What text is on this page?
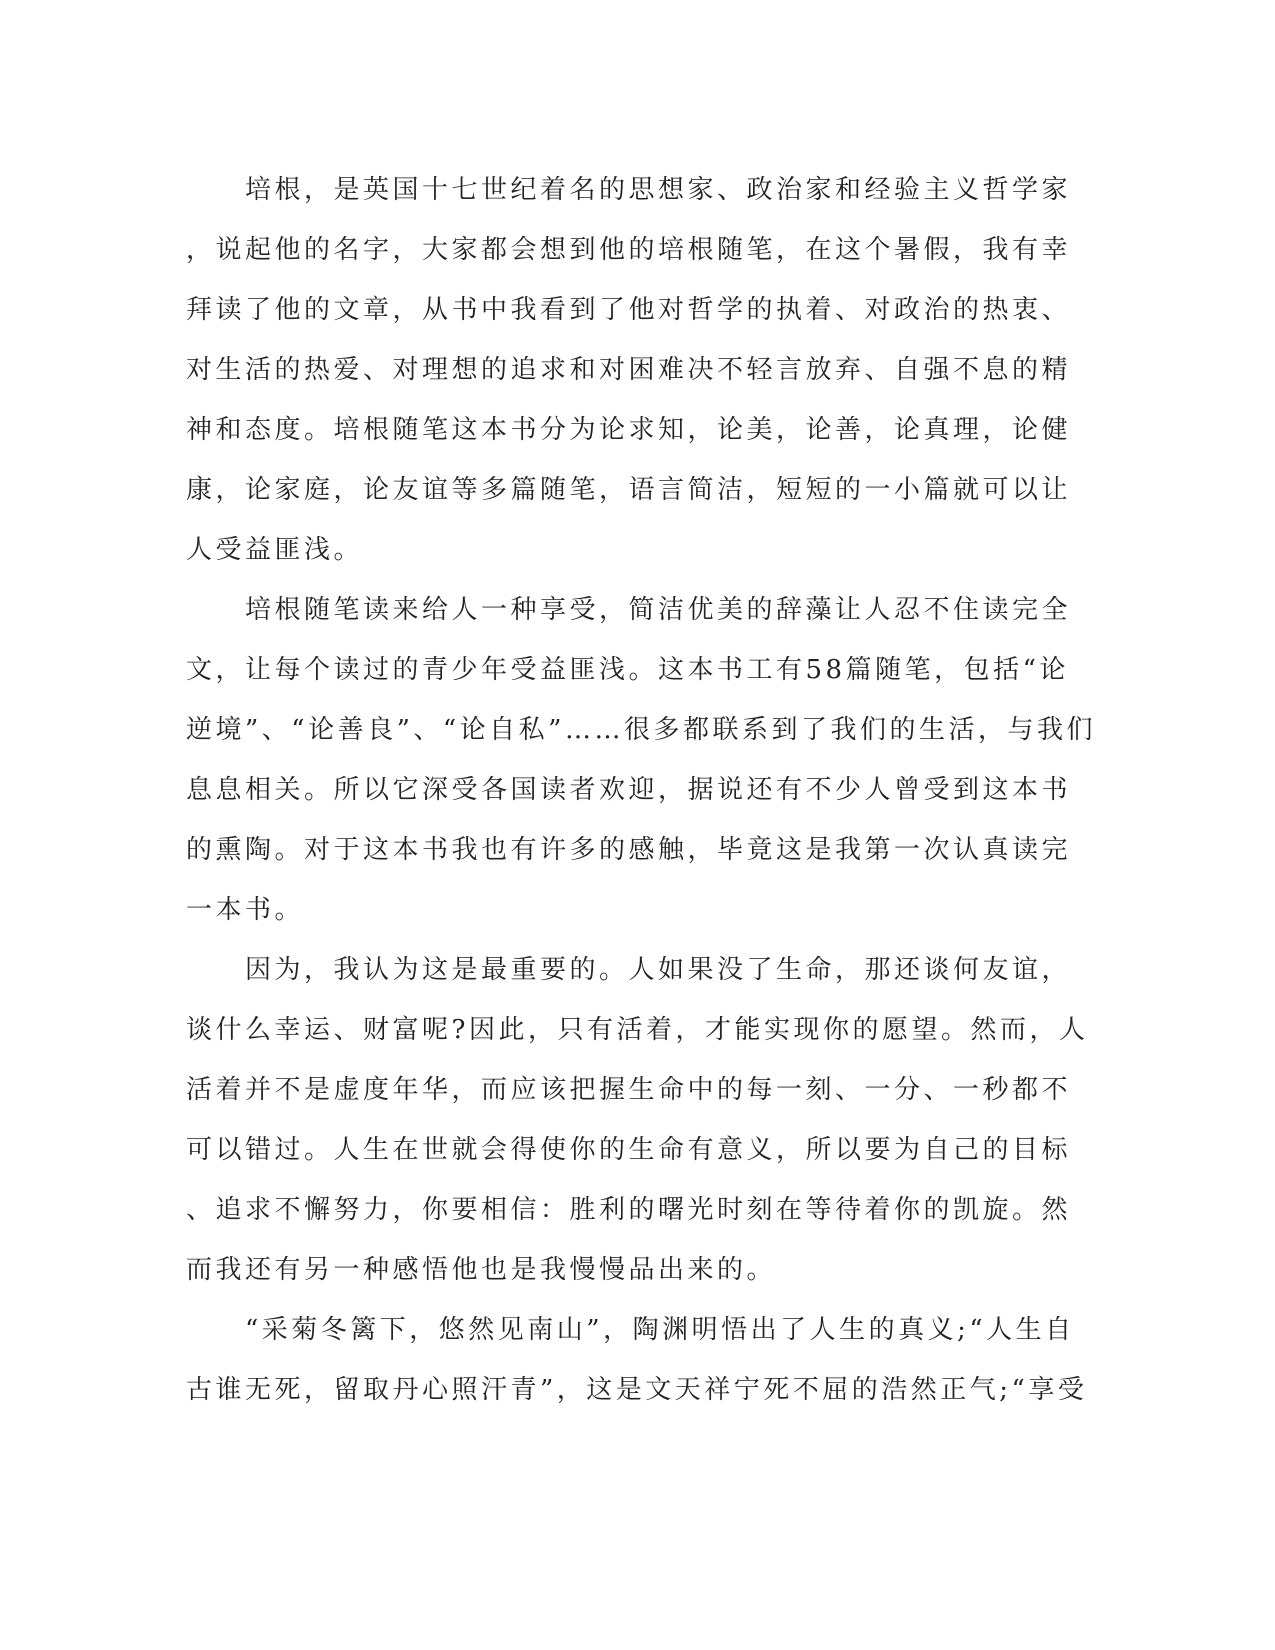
　　培根，是英国十七世纪着名的思想家、政治家和经验主义哲学家
，说起他的名字，大家都会想到他的培根随笔，在这个暑假，我有幸
拜读了他的文章，从书中我看到了他对哲学的执着、对政治的热衷、
对生活的热爱、对理想的追求和对困难决不轻言放弃、自强不息的精
神和态度。培根随笔这本书分为论求知，论美，论善，论真理，论健
康，论家庭，论友谊等多篇随笔，语言简洁，短短的一小篇就可以让
人受益匪浅。

　　培根随笔读来给人一种享受，简洁优美的辞藻让人忍不住读完全
文，让每个读过的青少年受益匪浅。这本书工有58篇随笔，包括“论
逆境”、“论善良”、“论自私”……很多都联系到了我们的生活，与我们
息息相关。所以它深受各国读者欢迎，据说还有不少人曾受到这本书
的熏陶。对于这本书我也有许多的感触，毕竟这是我第一次认真读完
一本书。

　　因为，我认为这是最重要的。人如果没了生命，那还谈何友谊，
谈什么幸运、财富呢?因此，只有活着，才能实现你的愿望。然而，人
活着并不是虚度年华，而应该把握生命中的每一刻、一分、一秒都不
可以错过。人生在世就会得使你的生命有意义，所以要为自己的目标
、追求不懈努力，你要相信：胜利的曙光时刻在等待着你的凯旋。然
而我还有另一种感悟他也是我慢慢品出来的。

　　“采菊冬篱下，悠然见南山”，陶渊明悟出了人生的真义;“人生自
古谁无死，留取丹心照汗青”，这是文天祥宁死不屈的浩然正气;“享受
